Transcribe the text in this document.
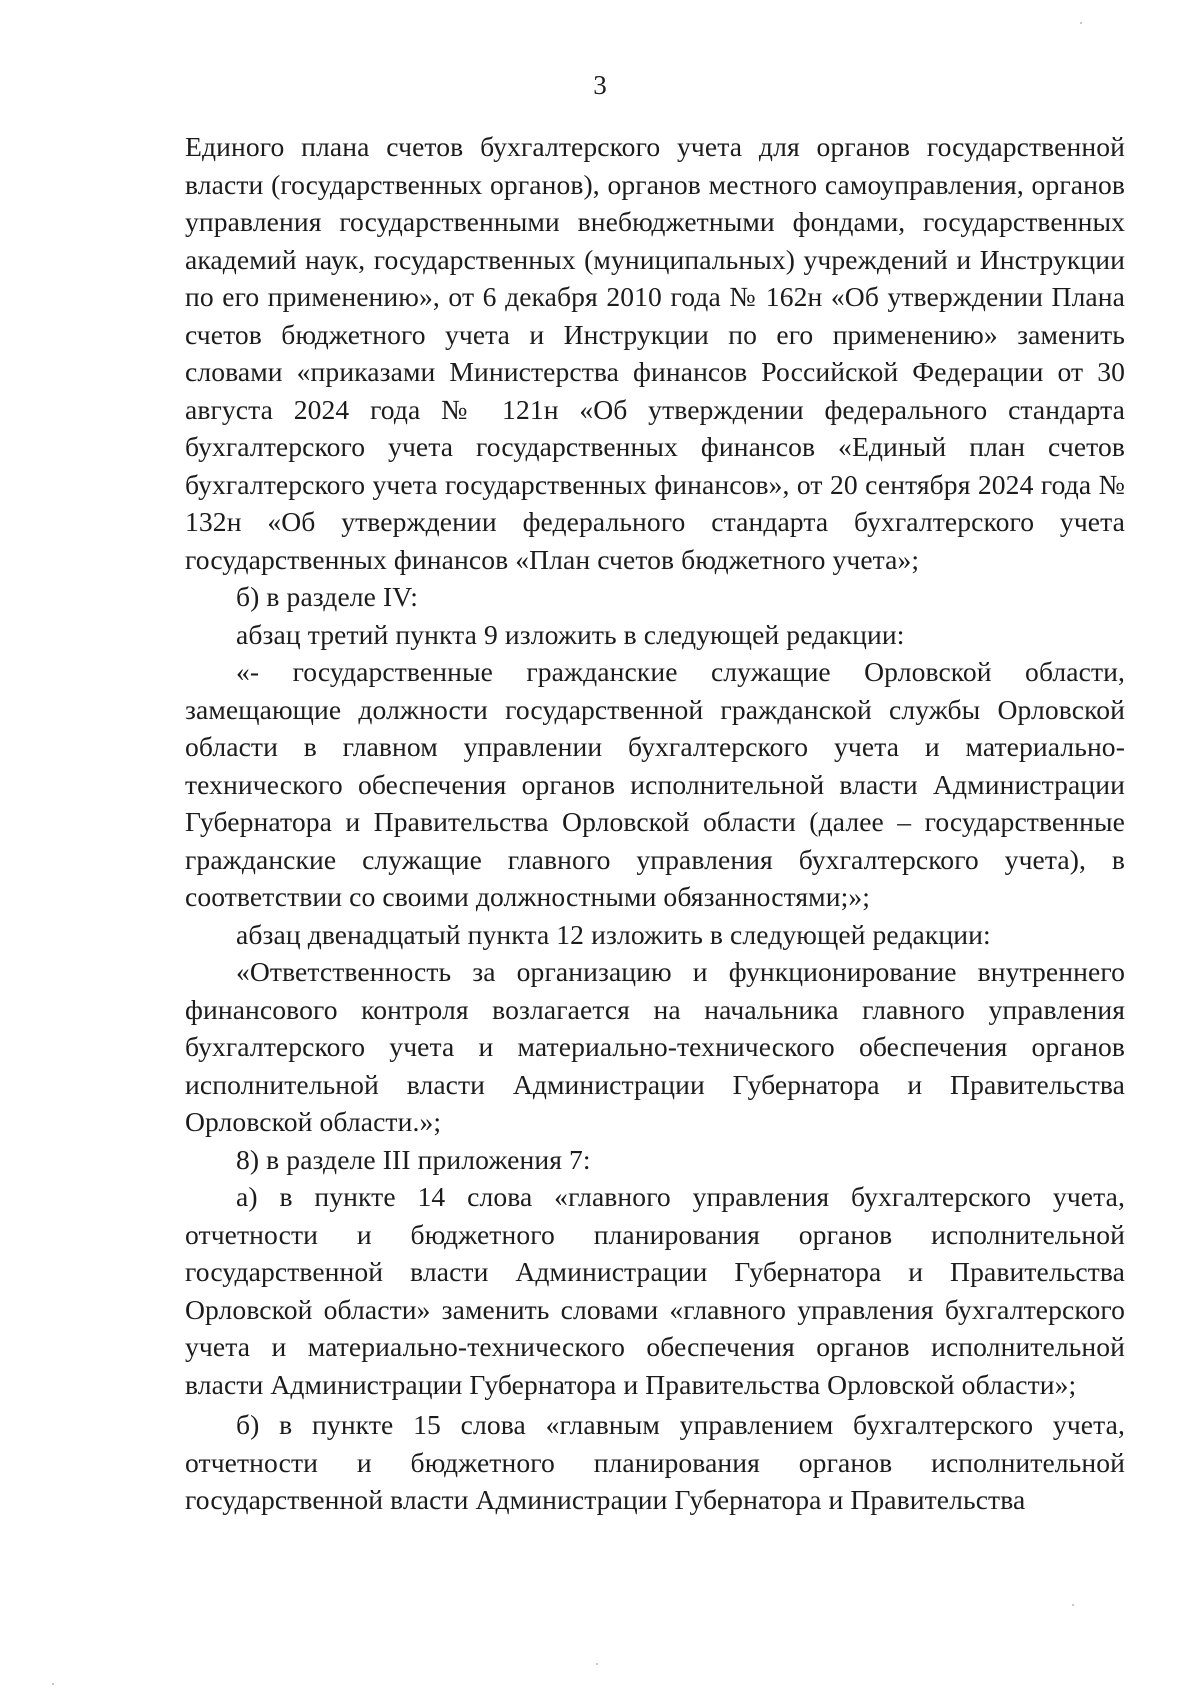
3

Единого плана счетов бухгалтерского учета для органов государственной власти (государственных органов), органов местного самоуправления, органов управления государственными внебюджетными фондами, государственных академий наук, государственных (муниципальных) учреждений и Инструкции по его применению», от 6 декабря 2010 года № 162н «Об утверждении Плана счетов бюджетного учета и Инструкции по его применению» заменить словами «приказами Министерства финансов Российской Федерации от 30 августа 2024 года № 121н «Об утверждении федерального стандарта бухгалтерского учета государственных финансов «Единый план счетов бухгалтерского учета государственных финансов», от 20 сентября 2024 года № 132н «Об утверждении федерального стандарта бухгалтерского учета государственных финансов «План счетов бюджетного учета»;

б) в разделе IV:

абзац третий пункта 9 изложить в следующей редакции:

«- государственные гражданские служащие Орловской области, замещающие должности государственной гражданской службы Орловской области в главном управлении бухгалтерского учета и материально-технического обеспечения органов исполнительной власти Администрации Губернатора и Правительства Орловской области (далее – государственные гражданские служащие главного управления бухгалтерского учета), в соответствии со своими должностными обязанностями;»;

абзац двенадцатый пункта 12 изложить в следующей редакции:

«Ответственность за организацию и функционирование внутреннего финансового контроля возлагается на начальника главного управления бухгалтерского учета и материально-технического обеспечения органов исполнительной власти Администрации Губернатора и Правительства Орловской области.»;

8) в разделе III приложения 7:

а) в пункте 14 слова «главного управления бухгалтерского учета, отчетности и бюджетного планирования органов исполнительной государственной власти Администрации Губернатора и Правительства Орловской области» заменить словами «главного управления бухгалтерского учета и материально-технического обеспечения органов исполнительной власти Администрации Губернатора и Правительства Орловской области»;

б) в пункте 15 слова «главным управлением бухгалтерского учета, отчетности и бюджетного планирования органов исполнительной государственной власти Администрации Губернатора и Правительства
